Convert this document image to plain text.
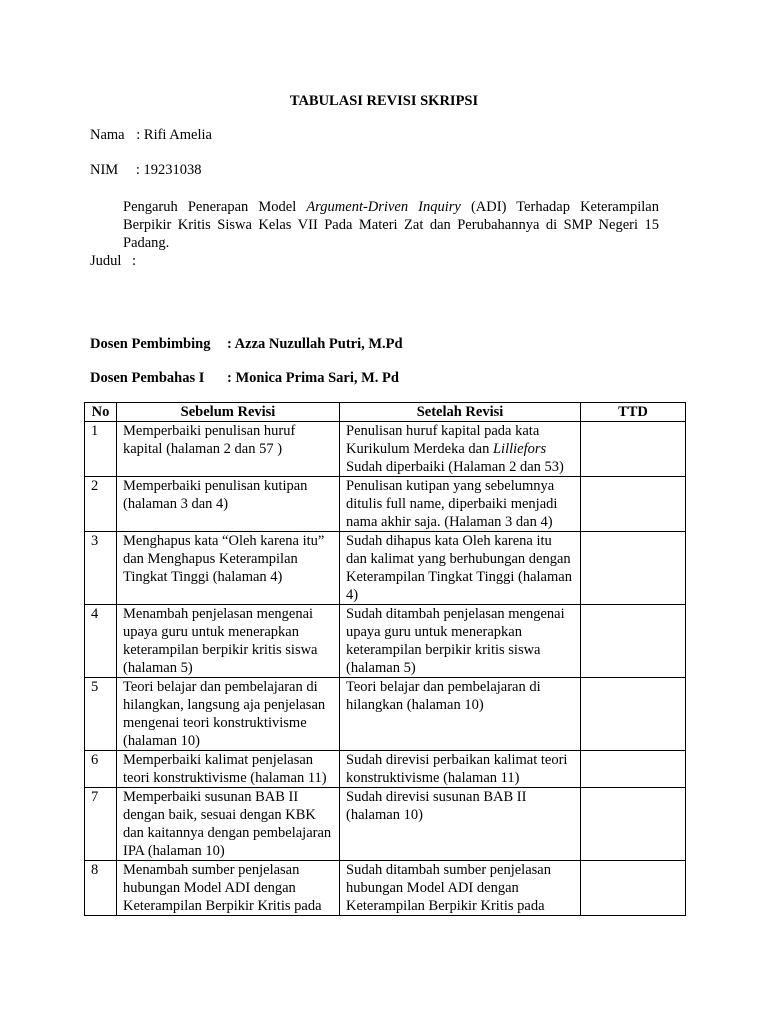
TABULASI REVISI SKRIPSI
Nama : Rifi Amelia
NIM : 19231038
Pengaruh Penerapan Model Argument-Driven Inquiry (ADI) Terhadap Keterampilan Berpikir Kritis Siswa Kelas VII Pada Materi Zat dan Perubahannya di SMP Negeri 15 Padang.
Judul :
Dosen Pembimbing : Azza Nuzullah Putri, M.Pd
Dosen Pembahas I : Monica Prima Sari, M. Pd
No	Sebelum Revisi	Setelah Revisi	TTD
1	Memperbaiki penulisan huruf kapital (halaman 2 dan 57 )	Penulisan huruf kapital pada kata Kurikulum Merdeka dan Lilliefors Sudah diperbaiki (Halaman 2 dan 53)	
2	Memperbaiki penulisan kutipan (halaman 3 dan 4)	Penulisan kutipan yang sebelumnya ditulis full name, diperbaiki menjadi nama akhir saja. (Halaman 3 dan 4)	
3	Menghapus kata “Oleh karena itu” dan Menghapus Keterampilan Tingkat Tinggi (halaman 4)	Sudah dihapus kata Oleh karena itu dan kalimat yang berhubungan dengan Keterampilan Tingkat Tinggi (halaman 4)	
4	Menambah penjelasan mengenai upaya guru untuk menerapkan keterampilan berpikir kritis siswa (halaman 5)	Sudah ditambah penjelasan mengenai upaya guru untuk menerapkan keterampilan berpikir kritis siswa (halaman 5)	
5	Teori belajar dan pembelajaran di hilangkan, langsung aja penjelasan mengenai teori konstruktivisme (halaman 10)	Teori belajar dan pembelajaran di hilangkan (halaman 10)	
6	Memperbaiki kalimat penjelasan teori konstruktivisme (halaman 11)	Sudah direvisi perbaikan kalimat teori konstruktivisme (halaman 11)	
7	Memperbaiki susunan BAB II dengan baik, sesuai dengan KBK dan kaitannya dengan pembelajaran IPA (halaman 10)	Sudah direvisi susunan BAB II (halaman 10)	
8	Menambah sumber penjelasan hubungan Model ADI dengan Keterampilan Berpikir Kritis pada	Sudah ditambah sumber penjelasan hubungan Model ADI dengan Keterampilan Berpikir Kritis pada	
